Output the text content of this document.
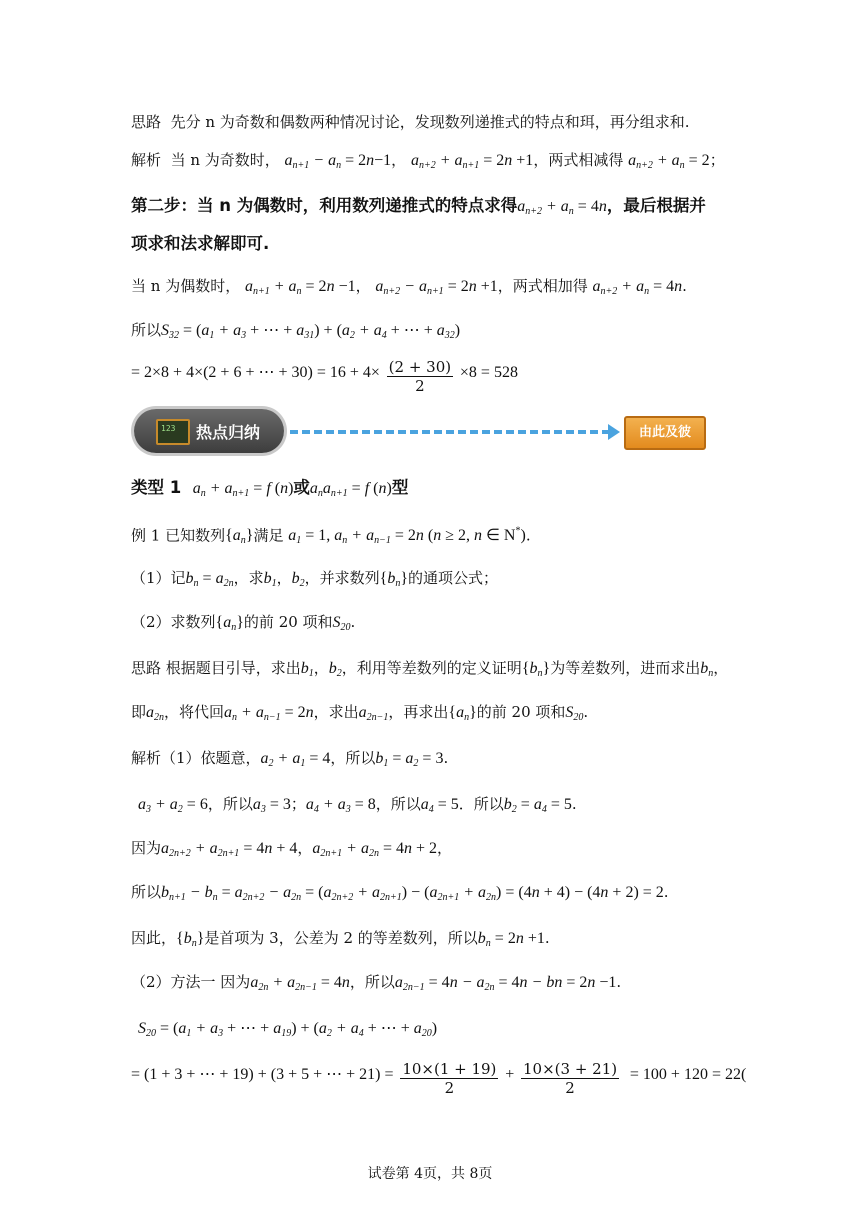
思路 先分 n 为奇数和偶数两种情况讨论，发现数列递推式的特点和珥，再分组求和.
解析 当 n 为奇数时， $a_{n+1} - a_n = 2n-1$， $a_{n+2} + a_{n+1} = 2n +1$，两式相减得 $a_{n+2} + a_n = 2$；
第二步：当 n 为偶数时，利用数列递推式的特点求得$a_{n+2} + a_n = 4n$，最后根据并
项求和法求解即可.
当 n 为偶数时， $a_{n+1} + a_n = 2n -1$， $a_{n+2} - a_{n+1} = 2n +1$，两式相加得 $a_{n+2} + a_n = 4n$.
所以$S_{32} = (a_1 + a_3$ + ⋯ + $a_{31}) + (a_2 + a_4$ + ⋯ + $a_{32}$)
= 2×8 + 4×(2 + 6 + ⋯ + $30) = 16 + 4\times \frac{(2 + 30)}{2} \times 8 = 528$
123 热点归纳	由此及彼
类型 1 $a_n + a_{n+1} = f$ (n)或$a_na_{n+1} = f$ (n)型
例 1 已知数列$\{a_n\}$满足 $a_1 = 1$, $a_n + a_{n-1} = 2n$ (n ≥ 2, n ∈ N*).
（1）记$b_n = a_{2n}$，求$b_1$，$b_2$，并求数列$\{b_n\}$的通项公式；
（2）求数列$\{a_n\}$的前 20 项和$S_{20}$.
思路 根据题目引导，求出$b_1$，$b_2$，利用等差数列的定义证明$\{b_n\}$为等差数列，进而求出$b_n$，
即$a_{2n}$，将代回$a_n + a_{n-1} = 2n$，求出$a_{2n-1}$，再求出$\{a_n\}$的前 20 项和$S_{20}$.
解析（1）依题意，$a_2 + a_1 = 4$，所以$b_1 = a_2 = 3$.
$a_3 + a_2 = 6$，所以$a_3 = 3$；$a_4 + a_3 = 8$，所以$a_4 = 5$．所以$b_2 = a_4 = 5$.
因为$a_{2n+2} + a_{2n+1} = 4n + 4$，$a_{2n+1} + a_{2n} = 4n + 2$，
所以$b_{n+1} - b_n = a_{2n+2} - a_{2n} = (a_{2n+2} + a_{2n+1}) - (a_{2n+1} + a_{2n}) = (4n + 4) - (4n + 2) = 2$.
因此，$\{b_n\}$是首项为 3，公差为 2 的等差数列，所以$b_n = 2n +1$.
（2）方法一 因为$a_{2n} + a_{2n-1} = 4n$，所以$a_{2n-1} = 4n - a_{2n} = 4n$ − bn = 2n −1.
$S_{20} = (a_1 + a_3$ + ⋯ + $a_{19}) + (a_2 + a_4$ + ⋯ + $a_{20}$)
= (1 + 3 + ⋯ + 19) + (3 + 5 + ⋯ + $21) = \frac{10\times(1 + 19)}{2} + \frac{10\times(3 + 21)}{2} = 100 + 120 = 22$(
试卷第 4页，共 8页
